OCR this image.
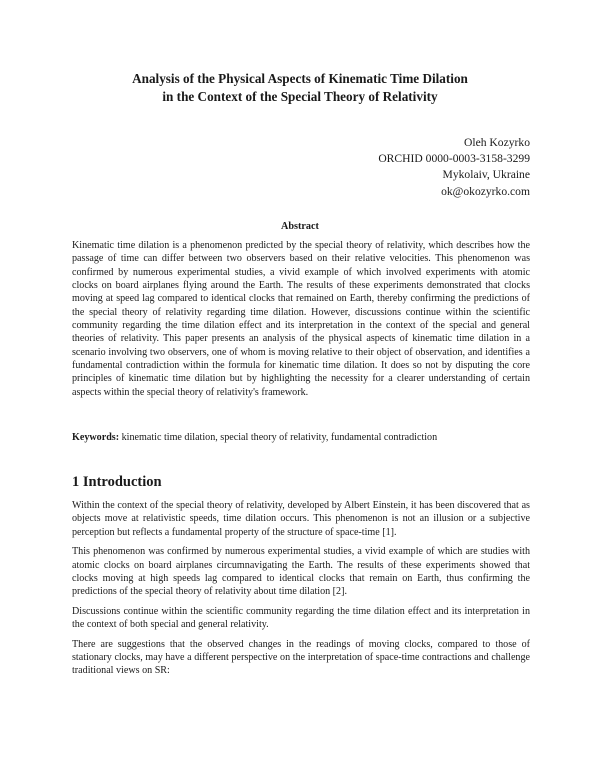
Analysis of the Physical Aspects of Kinematic Time Dilation
in the Context of the Special Theory of Relativity
Oleh Kozyrko
ORCHID 0000-0003-3158-3299
Mykolaiv, Ukraine
ok@okozyrko.com
Abstract

Kinematic time dilation is a phenomenon predicted by the special theory of relativity, which describes how the passage of time can differ between two observers based on their relative velocities. This phenomenon was confirmed by numerous experimental studies, a vivid example of which involved experiments with atomic clocks on board airplanes flying around the Earth. The results of these experiments demonstrated that clocks moving at speed lag compared to identical clocks that remained on Earth, thereby confirming the predictions of the special theory of relativity regarding time dilation. However, discussions continue within the scientific community regarding the time dilation effect and its interpretation in the context of the special and general theories of relativity. This paper presents an analysis of the physical aspects of kinematic time dilation in a scenario involving two observers, one of whom is moving relative to their object of observation, and identifies a fundamental contradiction within the formula for kinematic time dilation. It does so not by disputing the core principles of kinematic time dilation but by highlighting the necessity for a clearer understanding of certain aspects within the special theory of relativity's framework.

Keywords: kinematic time dilation, special theory of relativity, fundamental contradiction

1 Introduction

Within the context of the special theory of relativity, developed by Albert Einstein, it has been discovered that as objects move at relativistic speeds, time dilation occurs. This phenomenon is not an illusion or a subjective perception but reflects a fundamental property of the structure of space-time [1].

This phenomenon was confirmed by numerous experimental studies, a vivid example of which are studies with atomic clocks on board airplanes circumnavigating the Earth. The results of these experiments showed that clocks moving at high speeds lag compared to identical clocks that remain on Earth, thus confirming the predictions of the special theory of relativity about time dilation [2].

Discussions continue within the scientific community regarding the time dilation effect and its interpretation in the context of both special and general relativity.

There are suggestions that the observed changes in the readings of moving clocks, compared to those of stationary clocks, may have a different perspective on the interpretation of space-time contractions and challenge traditional views on SR:
